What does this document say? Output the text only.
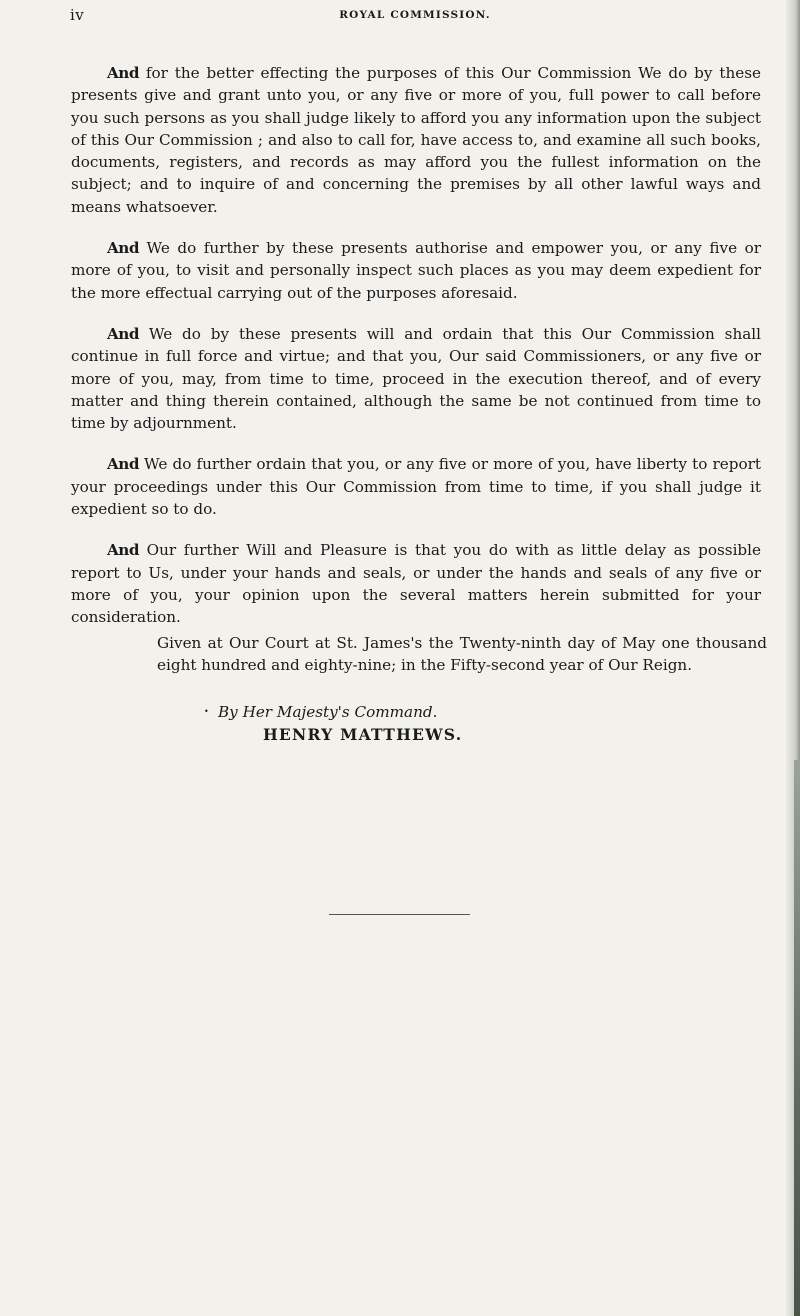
iv	ROYAL COMMISSION.

And for the better effecting the purposes of this Our Commission We do by these presents give and grant unto you, or any five or more of you, full power to call before you such persons as you shall judge likely to afford you any information upon the subject of this Our Commission ; and also to call for, have access to, and examine all such books, documents, registers, and records as may afford you the fullest information on the subject; and to inquire of and concerning the premises by all other lawful ways and means whatsoever.

And We do further by these presents authorise and empower you, or any five or more of you, to visit and personally inspect such places as you may deem expedient for the more effectual carrying out of the purposes aforesaid.

And We do by these presents will and ordain that this Our Commission shall continue in full force and virtue; and that you, Our said Commissioners, or any five or more of you, may, from time to time, proceed in the execution thereof, and of every matter and thing therein contained, although the same be not continued from time to time by adjournment.

And We do further ordain that you, or any five or more of you, have liberty to report your proceedings under this Our Commission from time to time, if you shall judge it expedient so to do.

And Our further Will and Pleasure is that you do with as little delay as possible report to Us, under your hands and seals, or under the hands and seals of any five or more of you, your opinion upon the several matters herein submitted for your consideration.

Given at Our Court at St. James's the Twenty-ninth day of May one thousand eight hundred and eighty-nine; in the Fifty-second year of Our Reign.

• By Her Majesty's Command.
HENRY MATTHEWS.
